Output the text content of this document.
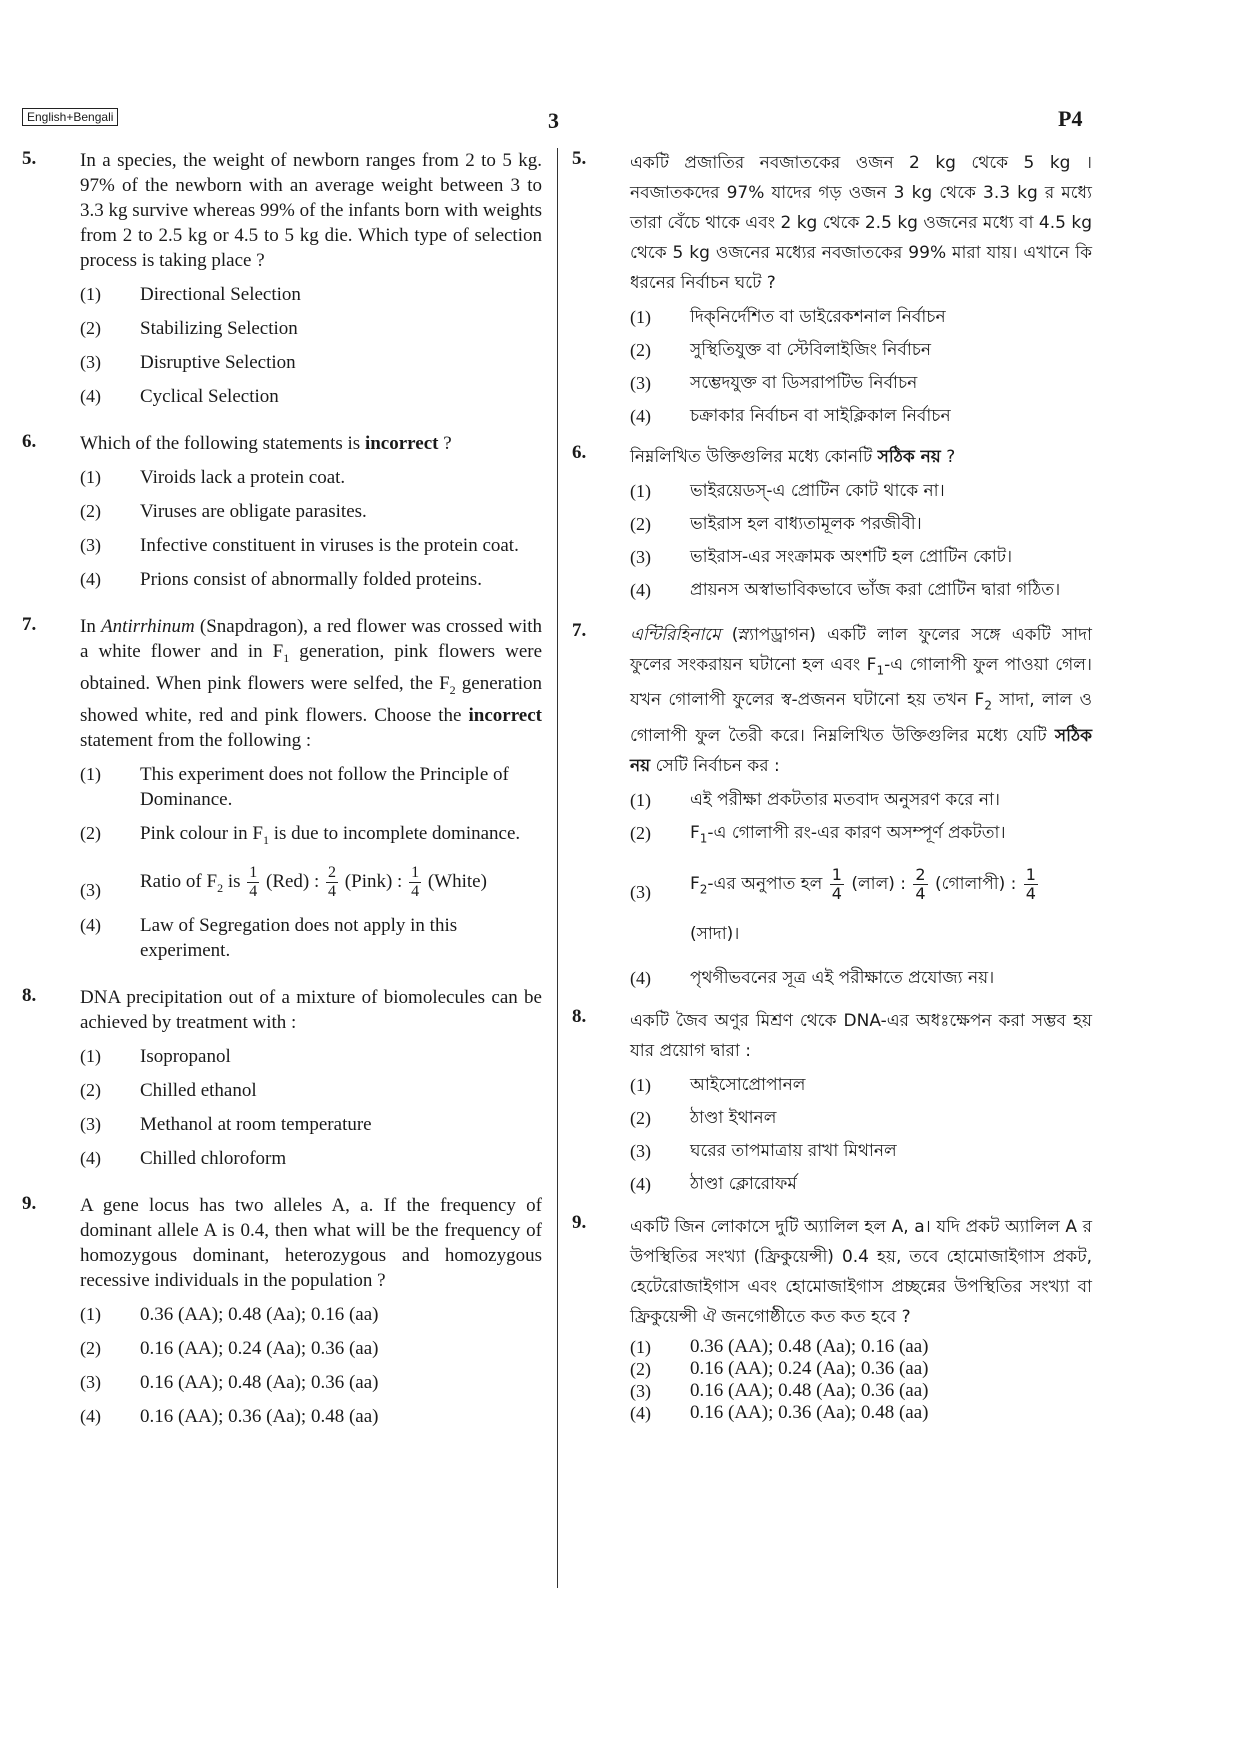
English+Bengali	3	P4
5. In a species, the weight of newborn ranges from 2 to 5 kg. 97% of the newborn with an average weight between 3 to 3.3 kg survive whereas 99% of the infants born with weights from 2 to 2.5 kg or 4.5 to 5 kg die. Which type of selection process is taking place ?
(1) Directional Selection
(2) Stabilizing Selection
(3) Disruptive Selection
(4) Cyclical Selection
6. Which of the following statements is incorrect ?
(1) Viroids lack a protein coat.
(2) Viruses are obligate parasites.
(3) Infective constituent in viruses is the protein coat.
(4) Prions consist of abnormally folded proteins.
7. In Antirrhinum (Snapdragon), a red flower was crossed with a white flower and in $F_1$ generation, pink flowers were obtained. When pink flowers were selfed, the $F_2$ generation showed white, red and pink flowers. Choose the incorrect statement from the following :
(1) This experiment does not follow the Principle of Dominance.
(2) Pink colour in $F_1$ is due to incomplete dominance.
(3) Ratio of $F_2$ is $\frac{1}{4} (Red)$ : $\frac{2}{4}$ (Pink) : $\frac{1}{4}$ (White)
(4) Law of Segregation does not apply in this experiment.
8. DNA precipitation out of a mixture of biomolecules can be achieved by treatment with :
(1) Isopropanol
(2) Chilled ethanol
(3) Methanol at room temperature
(4) Chilled chloroform
9. A gene locus has two alleles A, a. If the frequency of dominant allele A is 0.4, then what will be the frequency of homozygous dominant, heterozygous and homozygous recessive individuals in the population ?
(1) 0.36 (AA); 0.48 (Aa); 0.16 (aa)
(2) 0.16 (AA); 0.24 (Aa); 0.36 (aa)
(3) 0.16 (AA); 0.48 (Aa); 0.36 (aa)
(4) 0.16 (AA); 0.36 (Aa); 0.48 (aa)
5.	একটি প্রজাতির নবজাতকের ওজন 2 kg থেকে 5 kg । নবজাতকদের 97% যাদের গড় ওজন 3 kg থেকে 3.3 kg র মধ্যে তারা বেঁচে থাকে এবং 2 kg থেকে 2.5 kg ওজনের মধ্যে বা 4.5 kg থেকে 5 kg ওজনের মধ্যের নবজাতকের 99% মারা যায়। এখানে কি ধরনের নির্বাচন ঘটে ?
(1) দিক্‌নির্দেশিত বা ডাইরেকশনাল নির্বাচন
(2) সুস্থিতিযুক্ত বা স্টেবিলাইজিং নির্বাচন
(3) সম্ভেদযুক্ত বা ডিসরাপটিভ নির্বাচন
(4) চক্রাকার নির্বাচন বা সাইক্লিকাল নির্বাচন
6.	নিম্নলিখিত উক্তিগুলির মধ্যে কোনটি সঠিক নয় ?
(1) ভাইরয়েডস্‌-এ প্রোটিন কোট থাকে না।
(2) ভাইরাস হল বাধ্যতামূলক পরজীবী।
(3) ভাইরাস-এর সংক্রামক অংশটি হল প্রোটিন কোট।
(4) প্রায়নস অস্বাভাবিকভাবে ভাঁজ করা প্রোটিন দ্বারা গঠিত।
7.	এন্টিরিহিনামে (স্ন্যাপড্রাগন) একটি লাল ফুলের সঙ্গে একটি সাদা ফুলের সংকরায়ন ঘটানো হল এবং $F_1-এ$ গোলাপী ফুল পাওয়া গেল। যখন গোলাপী ফুলের স্ব-প্রজনন ঘটানো হয় তখন $F_2$ সাদা, লাল ও গোলাপী ফুল তৈরী করে। নিম্নলিখিত উক্তিগুলির মধ্যে যেটি সঠিক নয় সেটি নির্বাচন কর :
(1) এই পরীক্ষা প্রকটতার মতবাদ অনুসরণ করে না।
(2) $F_1-এ$ গোলাপী রং-এর কারণ অসম্পূর্ণ প্রকটতা।
(3) $F_2-এর$ অনুপাত হল $\frac{1}{4}$ (লাল) : $\frac{2}{4}$ (গোলাপী) : $\frac{1}{4}$
(সাদা)।
(4) পৃথগীভবনের সূত্র এই পরীক্ষাতে প্রযোজ্য নয়।
8.	একটি জৈব অণুর মিশ্রণ থেকে DNA-এর অধঃক্ষেপন করা সম্ভব হয় যার প্রয়োগ দ্বারা :
(1) আইসোপ্রোপানল
(2) ঠাণ্ডা ইথানল
(3) ঘরের তাপমাত্রায় রাখা মিথানল
(4) ঠাণ্ডা ক্লোরোফর্ম
9.	একটি জিন লোকাসে দুটি অ্যালিল হল A, a। যদি প্রকট অ্যালিল A র উপস্থিতির সংখ্যা (ফ্রিকুয়েন্সী) 0.4 হয়, তবে হোমোজাইগাস প্রকট, হেটেরোজাইগাস এবং হোমোজাইগাস প্রচ্ছন্নের উপস্থিতির সংখ্যা বা ফ্রিকুয়েন্সী ঐ জনগোষ্ঠীতে কত কত হবে ?
(1) 0.36 (AA); 0.48 (Aa); 0.16 (aa)
(2) 0.16 (AA); 0.24 (Aa); 0.36 (aa)
(3) 0.16 (AA); 0.48 (Aa); 0.36 (aa)
(4) 0.16 (AA); 0.36 (Aa); 0.48 (aa)
